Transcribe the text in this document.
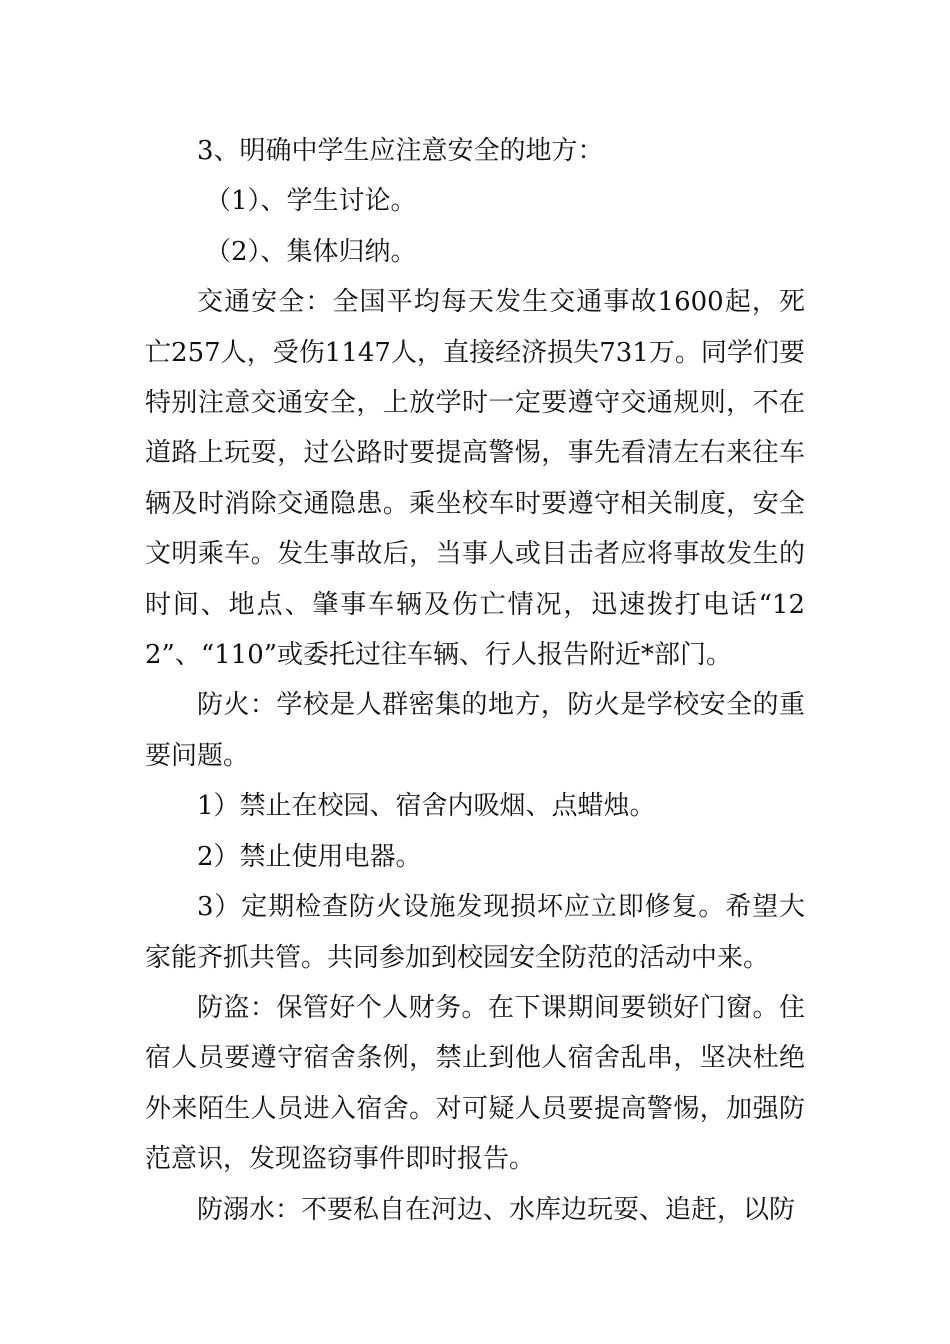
3、明确中学生应注意安全的地方：

（1）、学生讨论。

（2）、集体归纳。

交通安全：全国平均每天发生交通事故1600起，死亡257人，受伤1147人，直接经济损失731万。同学们要特别注意交通安全，上放学时一定要遵守交通规则，不在道路上玩耍，过公路时要提高警惕，事先看清左右来往车辆及时消除交通隐患。乘坐校车时要遵守相关制度，安全文明乘车。发生事故后，当事人或目击者应将事故发生的时间、地点、肇事车辆及伤亡情况，迅速拨打电话“122”、“110”或委托过往车辆、行人报告附近*部门。

防火：学校是人群密集的地方，防火是学校安全的重要问题。

1）禁止在校园、宿舍内吸烟、点蜡烛。

2）禁止使用电器。

3）定期检查防火设施发现损坏应立即修复。希望大家能齐抓共管。共同参加到校园安全防范的活动中来。

防盗：保管好个人财务。在下课期间要锁好门窗。住宿人员要遵守宿舍条例，禁止到他人宿舍乱串，坚决杜绝外来陌生人员进入宿舍。对可疑人员要提高警惕，加强防范意识，发现盗窃事件即时报告。

防溺水：不要私自在河边、水库边玩耍、追赶，以防
